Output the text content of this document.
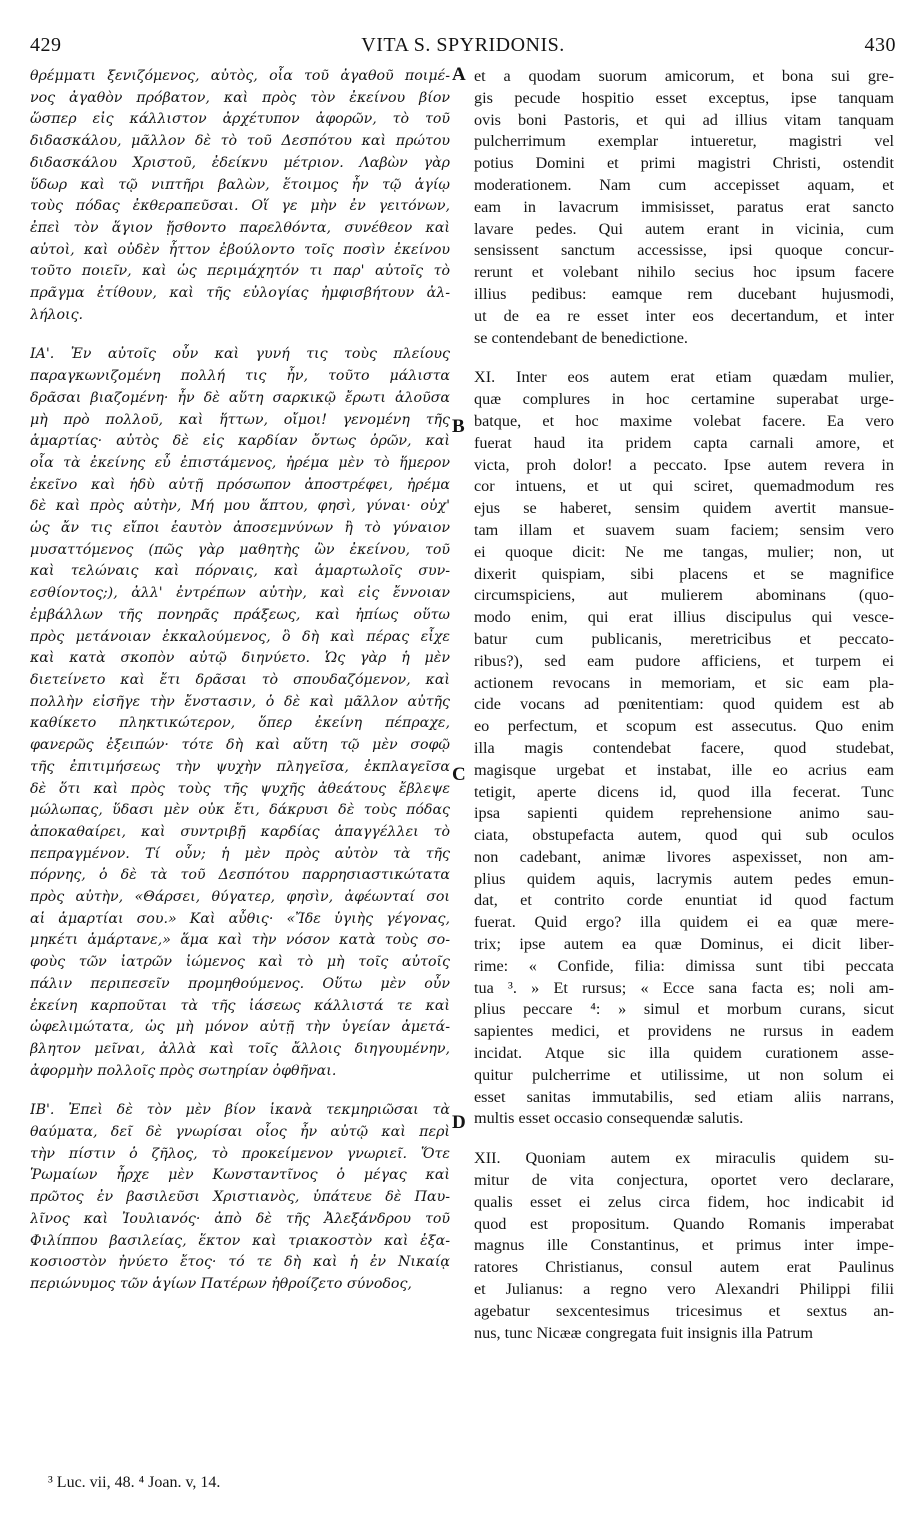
429	VITA S. SPYRIDONIS.	430
θρέμματι ξενιζόμενος, αὐτὸς, οἷα τοῦ ἀγαθοῦ ποιμέ-
νος ἀγαθὸν πρόβατον, καὶ πρὸς τὸν ἐκείνου βίον
ὥσπερ εἰς κάλλιστον ἀρχέτυπον ἀφορῶν, τὸ τοῦ
διδασκάλου, μᾶλλον δὲ τὸ τοῦ Δεσπότου καὶ πρώτου
διδασκάλου Χριστοῦ, ἐδείκνυ μέτριον. Λαβὼν γὰρ
ὕδωρ καὶ τῷ νιπτῆρι βαλὼν, ἕτοιμος ἦν τῷ ἁγίῳ
τοὺς πόδας ἐκθεραπεῦσαι. Οἵ γε μὴν ἐν γειτόνων,
ἐπεὶ τὸν ἅγιον ᾔσθοντο παρελθόντα, συνέθεον καὶ
αὐτοὶ, καὶ οὐδὲν ἧττον ἐβούλοντο τοῖς ποσὶν ἐκείνου
τοῦτο ποιεῖν, καὶ ὡς περιμάχητόν τι παρ' αὐτοῖς τὸ
πρᾶγμα ἐτίθουν, καὶ τῆς εὐλογίας ἠμφισβήτουν ἀλ-
λήλοις.
ΙΑ'. Ἐν αὐτοῖς οὖν καὶ γυνή τις τοὺς πλείους
παραγκωνιζομένη πολλή τις ἦν, τοῦτο μάλιστα
δρᾶσαι βιαζομένη· ἦν δὲ αὕτη σαρκικῷ ἔρωτι ἁλοῦσα
μὴ πρὸ πολλοῦ, καὶ ἥττων, οἴμοι! γενομένη τῆς
ἁμαρτίας· αὐτὸς δὲ εἰς καρδίαν ὄντως ὁρῶν, καὶ
οἷα τὰ ἐκείνης εὖ ἐπιστάμενος, ἠρέμα μὲν τὸ ἥμερον
ἐκεῖνο καὶ ἡδὺ αὐτῇ πρόσωπον ἀποστρέφει, ἠρέμα
δὲ καὶ πρὸς αὐτὴν, Μή μου ἅπτου, φησὶ, γύναι· οὐχ'
ὡς ἄν τις εἴποι ἑαυτὸν ἀποσεμνύνων ἢ τὸ γύναιον
μυσαττόμενος (πῶς γὰρ μαθητὴς ὢν ἐκείνου, τοῦ
καὶ τελώναις καὶ πόρναις, καὶ ἁμαρτωλοῖς συν-
εσθίοντος;), ἀλλ' ἐντρέπων αὐτὴν, καὶ εἰς ἔννοιαν
ἐμβάλλων τῆς πονηρᾶς πράξεως, καὶ ἠπίως οὕτω
πρὸς μετάνοιαν ἐκκαλούμενος, ὃ δὴ καὶ πέρας εἶχε
καὶ κατὰ σκοπὸν αὐτῷ διηνύετο. Ὡς γὰρ ἡ μὲν
διετείνετο καὶ ἔτι δρᾶσαι τὸ σπουδαζόμενον, καὶ
πολλὴν εἰσῆγε τὴν ἔνστασιν, ὁ δὲ καὶ μᾶλλον αὐτῆς
καθίκετο πληκτικώτερον, ὅπερ ἐκείνη πέπραχε,
φανερῶς ἐξειπών· τότε δὴ καὶ αὕτη τῷ μὲν σοφῷ
τῆς ἐπιτιμήσεως τὴν ψυχὴν πληγεῖσα, ἐκπλαγεῖσα
δὲ ὅτι καὶ πρὸς τοὺς τῆς ψυχῆς ἀθεάτους ἔβλεψε
μώλωπας, ὕδασι μὲν οὐκ ἔτι, δάκρυσι δὲ τοὺς πόδας
ἀποκαθαίρει, καὶ συντριβῇ καρδίας ἀπαγγέλλει τὸ
πεπραγμένον. Τί οὖν; ἡ μὲν πρὸς αὐτὸν τὰ τῆς
πόρνης, ὁ δὲ τὰ τοῦ Δεσπότου παρρησιαστικώτατα
πρὸς αὐτὴν, «Θάρσει, θύγατερ, φησὶν, ἀφέωνταί σοι
αἱ ἁμαρτίαι σου.» Καὶ αὖθις· «Ἴδε ὑγιὴς γέγονας,
μηκέτι ἁμάρτανε,» ἅμα καὶ τὴν νόσον κατὰ τοὺς σο-
φοὺς τῶν ἰατρῶν ἰώμενος καὶ τὸ μὴ τοῖς αὐτοῖς
πάλιν περιπεσεῖν προμηθούμενος. Οὕτω μὲν οὖν
ἐκείνη καρποῦται τὰ τῆς ἰάσεως κάλλιστά τε καὶ
ὠφελιμώτατα, ὡς μὴ μόνον αὐτῇ τὴν ὑγείαν ἀμετά-
βλητον μεῖναι, ἀλλὰ καὶ τοῖς ἄλλοις διηγουμένην,
ἀφορμὴν πολλοῖς πρὸς σωτηρίαν ὀφθῆναι.
ΙΒ'. Ἐπεὶ δὲ τὸν μὲν βίον ἱκανὰ τεκμηριῶσαι τὰ
θαύματα, δεῖ δὲ γνωρίσαι οἷος ἦν αὐτῷ καὶ περὶ
τὴν πίστιν ὁ ζῆλος, τὸ προκείμενον γνωριεῖ. Ὅτε
Ῥωμαίων ἦρχε μὲν Κωνσταντῖνος ὁ μέγας καὶ
πρῶτος ἐν βασιλεῦσι Χριστιανὸς, ὑπάτευε δὲ Παυ-
λῖνος καὶ Ἰουλιανός· ἀπὸ δὲ τῆς Ἀλεξάνδρου τοῦ
Φιλίππου βασιλείας, ἕκτον καὶ τριακοστὸν καὶ ἑξα-
κοσιοστὸν ἠνύετο ἔτος· τό τε δὴ καὶ ἡ ἐν Νικαίᾳ
περιώνυμος τῶν ἁγίων Πατέρων ἠθροίζετο σύνοδος,
et a quodam suorum amicorum, et bona sui gre-
gis pecude hospitio esset exceptus, ipse tanquam
ovis boni Pastoris, et qui ad illius vitam tanquam
pulcherrimum exemplar intueretur, magistri vel
potius Domini et primi magistri Christi, ostendit
moderationem. Nam cum accepisset aquam, et
eam in lavacrum immisisset, paratus erat sancto
lavare pedes. Qui autem erant in vicinia, cum
sensissent sanctum accessisse, ipsi quoque concur-
rerunt et volebant nihilo secius hoc ipsum facere
illius pedibus: eamque rem ducebant hujusmodi,
ut de ea re esset inter eos decertandum, et inter
se contendebant de benedictione.
XI. Inter eos autem erat etiam quædam mulier,
quæ complures in hoc certamine superabat urge-
batque, et hoc maxime volebat facere. Ea vero
fuerat haud ita pridem capta carnali amore, et
victa, proh dolor! a peccato. Ipse autem revera in
cor intuens, et ut qui sciret, quemadmodum res
ejus se haberet, sensim quidem avertit mansue-
tam illam et suavem suam faciem; sensim vero
ei quoque dicit: Ne me tangas, mulier; non, ut
dixerit quispiam, sibi placens et se magnifice
circumspiciens, aut mulierem abominans (quo-
modo enim, qui erat illius discipulus qui vesce-
batur cum publicanis, meretricibus et peccato-
ribus?), sed eam pudore afficiens, et turpem ei
actionem revocans in memoriam, et sic eam pla-
cide vocans ad pœnitentiam: quod quidem est ab
eo perfectum, et scopum est assecutus. Quo enim
illa magis contendebat facere, quod studebat,
magisque urgebat et instabat, ille eo acrius eam
tetigit, aperte dicens id, quod illa fecerat. Tunc
ipsa sapienti quidem reprehensione animo sau-
ciata, obstupefacta autem, quod qui sub oculos
non cadebant, animæ livores aspexisset, non am-
plius quidem aquis, lacrymis autem pedes emun-
dat, et contrito corde enuntiat id quod factum
fuerat. Quid ergo? illa quidem ei ea quæ mere-
trix; ipse autem ea quæ Dominus, ei dicit liber-
rime: « Confide, filia: dimissa sunt tibi peccata
tua ³. » Et rursus; « Ecce sana facta es; noli am-
plius peccare ⁴: » simul et morbum curans, sicut
sapientes medici, et providens ne rursus in eadem
incidat. Atque sic illa quidem curationem asse-
quitur pulcherrime et utilissime, ut non solum ei
esset sanitas immutabilis, sed etiam aliis narrans,
multis esset occasio consequendæ salutis.
XII. Quoniam autem ex miraculis quidem su-
mitur de vita conjectura, oportet vero declarare,
qualis esset ei zelus circa fidem, hoc indicabit id
quod est propositum. Quando Romanis imperabat
magnus ille Constantinus, et primus inter impe-
ratores Christianus, consul autem erat Paulinus
et Julianus: a regno vero Alexandri Philippi filii
agebatur sexcentesimus tricesimus et sextus an-
nus, tunc Nicææ congregata fuit insignis illa Patrum
A
B
C
D
³ Luc. vii, 48. ⁴ Joan. v, 14.
